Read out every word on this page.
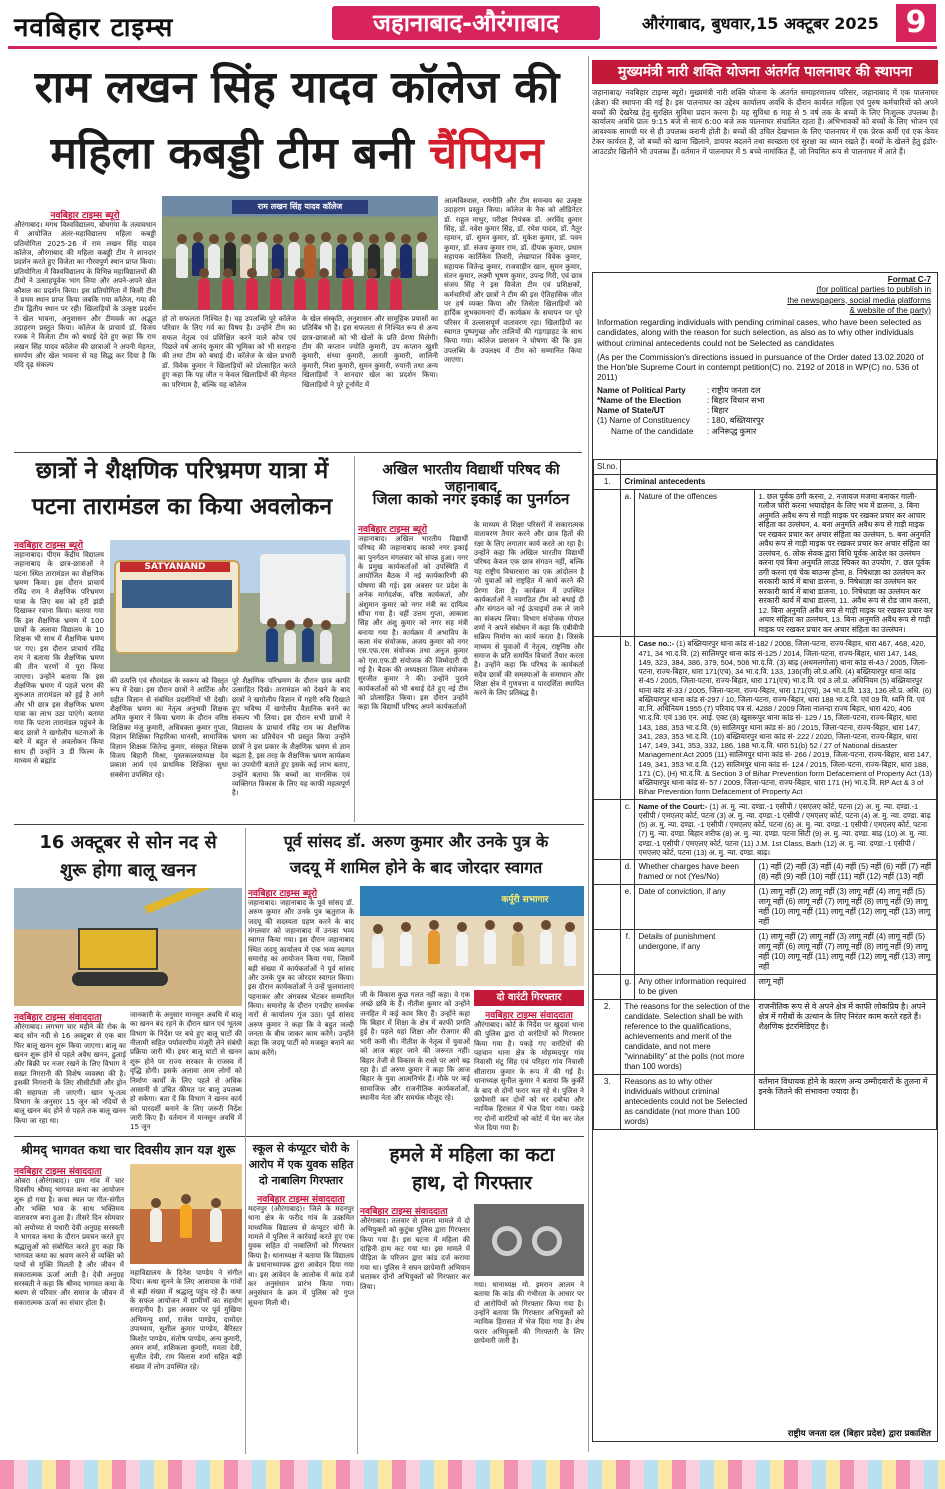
नवबिहार टाइम्स	जहानाबाद-औरंगाबाद	औरंगाबाद, बुधवार,15 अक्टूबर 2025 9
राम लखन सिंह यादव कॉलेज की
महिला कबड्डी टीम बनी चैंपियन
नवबिहार टाइम्स ब्यूरो
औरंगाबाद। मगध विश्वविद्यालय, बोधगया के तत्वावधान में आयोजित अंतर-महाविद्यालय महिला कबड्डी प्रतियोगिता 2025-26 में राम लखन सिंह यादव कॉलेज, औरंगाबाद की महिला कबड्डी टीम ने शानदार प्रदर्शन करते हुए विजेता का गौरवपूर्ण स्थान प्राप्त किया। प्रतियोगिता में विश्वविद्यालय के विभिन्न महाविद्यालयों की टीमों ने उत्साहपूर्वक भाग लिया और अपने-अपने खेल कौशल का प्रदर्शन किया। इस प्रतियोगिता में किसी टीम ने प्रथम स्थान प्राप्त किया जबकि गया कॉलेज, गया की टीम द्वितीय स्थान पर रही। खिलाड़ियों के उत्कृष्ट प्रदर्शन ने खेल भावना, अनुशासन और टीमवर्क का अद्भुत उदाहरण प्रस्तुत किया। कॉलेज के प्राचार्य डॉ. विजय रजक ने विजेता टीम को बधाई देते हुए कहा कि राम लखन सिंह यादव कॉलेज की छात्राओं ने अपनी मेहनत, समर्पण और खेल भावना से यह सिद्ध कर दिया है कि यदि दृढ़ संकल्प
राम लखन सिंह यादव कॉलेज
हो तो सफलता निश्चित है। यह उपलब्धि पूरे कॉलेज परिवार के लिए गर्व का विषय है। उन्होंने टीम का सफल नेतृत्व एवं प्रशिक्षित करने वाले कोच एवं पिछले वर्ष आनंद कुमार की भूमिका को भी सराहना की तथा टीम को बधाई दी। कॉलेज के खेल प्रभारी डॉ. विवेक कुमार ने खिलाड़ियों को प्रोत्साहित करते हुए कहा कि यह जीत न केवल खिलाड़ियों की मेहनत का परिणाम है, बल्कि यह कॉलेज
के खेल संस्कृति, अनुशासन और सामूहिक प्रयासों का प्रतिबिंब भी है। इस सफलता से निश्चित रूप से अन्य छात्र-छात्राओं को भी खेलों के प्रति प्रेरणा मिलेगी। टीम की कप्तान ज्योति कुमारी, उप कप्तान खुशी कुमारी, संध्या कुमारी, आरती कुमारी, शालिनी कुमारी, निशा कुमारी, सुमन कुमारी, रुपानी तथा अन्य खिलाड़ियों ने शानदार खेल का प्रदर्शन किया। खिलाड़ियों ने पूरे टूर्नामेंट में
आत्मविश्वास, रणनीति और टीम समन्वय का उत्कृष्ट उदाहरण प्रस्तुत किया। कॉलेज के नैक को ऑडिनेटर डॉ. राहुल माथुर, परीक्षा नियंत्रक डॉ. अरविंद कुमार सिंह, डॉ. नवेश कुमार सिंह, डॉ. रमेश यादव, डॉ. नैतूर रहमान, डॉ. सुमन कुमार, डॉ. मुकेश कुमार, डॉ. पवन कुमार, डॉ. संजय कुमार राम, डॉ. दीपक कुमार, प्रधान सहायक कार्तिकेय तिवारी, लेखापाल विवेक कुमार, सहायक जितेन्द्र कुमार, राजवाड़ीन खान, सुमन कुमार, संतन कुमार, लक्ष्मी भूषण कुमार, उपन्द्र गिरी, एवं छात्र संजय सिंह ने इस विजेता टीम एवं प्रशिक्षकों, कर्मचारियों और छात्रों ने टीम की इस ऐतिहासिक जीत पर हर्ष व्यक्त किया और जिसेता खिलाड़ियों को हार्दिक शुभकामनाएं दीं। कार्यक्रम के समापन पर पूरे परिसर में उल्लासपूर्ण वातावरण रहा। खिलाड़ियों का स्वागत पुष्पगुच्छ और तालियों की गड़गड़ाहट के साथ किया गया। कॉलेज प्रशासन ने घोषणा की कि इस उपलब्धि के उपलक्ष्य में टीम को सम्मानित किया जाएगा।
मुख्यमंत्री नारी शक्ति योजना अंतर्गत पालनाघर की स्थापना
जहानाबाद/ नवबिहार टाइम्स ब्यूरो। मुख्यमंत्री नारी शक्ति योजना के अंतर्गत समाहरणालय परिसर, जहानाबाद में एक पालनाघर (क्रेश) की स्थापना की गई है। इस पालनाघर का उद्देश्य कार्यालय अवधि के दौरान कार्यरत महिला एवं पुरुष कर्मचारियों को अपने बच्चों की देखरेख हेतु सुरक्षित सुविधा प्रदान करना है। यह सुविधा 6 माह से 5 वर्ष तक के बच्चों के लिए निःशुल्क उपलब्ध है। कार्यालय अवधि प्रातः 9:15 बजे से सायं 6:00 बजे तक पालनाघर संचालित रहता है। अभिभावकों को बच्चों के लिए भोजन एवं आवश्यक सामग्री घर से ही उपलब्ध करानी होती है। बच्चों की उचित देखभाल के लिए पालनाघर में एक प्रेरक कर्मी एवं एक केयर टेकर कार्यरत हैं, जो बच्चों को खाना खिलाने, डायपर बदलने तथा स्वच्छता एवं सुरक्षा का ध्यान रखते हैं। बच्चों के खेलने हेतु इंडोर-आउटडोर खिलौने भी उपलब्ध हैं। वर्तमान में पालनाघर में 5 बच्चे नामांकित हैं, जो नियमित रूप से पालनाघर में आते हैं।
Format C-7
(for political parties to publish in
the newspapers, social media platforms
& website of the party)
Information regarding individuals with pending criminal cases, who have been selected as candidates, along with the reason for such selection, as also as to why other individuals without criminal antecedents could not be Selected as candidates
(As per the Commission's directions issued in pursuance of the Order dated 13.02.2020 of the Hon'ble Supreme Court in contempt petition(C) no. 2192 of 2018 in WP(C) no. 536 of 2011)
Name of Political Party	: राष्ट्रीय जनता दल
*Name of the Election	: बिहार विधान सभा
Name of State/UT	: बिहार
(1) Name of Constituency	: 180, बख्तियारपुर
Name of the candidate	: अनिरूद्ध कुमार
Sl.no.			
1.	Criminal antecedents		
	a.	Nature of the offences	1. छल पूर्वक ठगी करना, 2. नजायज मजमा बनाकर गाली-गलौज चोरी करना भयादोहन के लिए भय में डालना, 3. बिना अनुमति अवैध रूप से गाड़ी माइक पर रखकर प्रचार कर आचार संहिता का उल्लंघन, 4. बना अनुमति अवैध रूप से गाड़ी माइक पर रखकर प्रचार कर अचार संहिता का उल्लंघन, 5. बना अनुमति अवैध रूप से गाड़ी माइक पर रखकर प्रचार कर अचार संहिता का उल्लंघन, 6. लोक सेवक द्वारा विधि पूर्वक आदेश का उल्लंघन करना एवं बिना अनुमति लाउड स्पिकर का उपयोग, 7. छल पूर्वक ठगी करना एवं चेक बाउन्स होना, 8. निषेधाज्ञा का उल्लंघन कर सरकारी कार्य में बाधा डालना, 9. निषेधाज्ञा का उल्लंघन कर सरकारी कार्य में बाधा डालना, 10. निषेधाज्ञा का उल्लंघन कर सरकारी कार्य में बाधा डालना, 11. अवैध रूप से रोड जाम करना, 12. बिना अनुमति अवैध रूप से गाड़ी माइक पर रखकर प्रचार कर अचार संहिता का उल्लंघन, 13. बिना अनुमति अवैध रूप से गाड़ी माइक पर रखकर प्रचार कर अचार संहिता का उल्लंघन।
	b.	Case no.:- (1) बख्तियारपुर थाना कांड सं-182 / 2008, जिला-पटना, राज्य-बिहार, धारा 467, 468, 420, 471, 34 भा.द.वि. (2) सालिमपुर थाना कांड सं-125 / 2014, जिला-पटना, राज्य-बिहार, धारा 147, 148, 149, 323, 384, 386, 379, 504, 506 भा.द.वि. (3) बाढ़ (अथमलगोला) थाना कांड सं-43 / 2005, जिला-पटना, राज्य-बिहार, धारा 171(एच), 34 भा.द.वि. 133, 136(जी) लो.प्र.अधि. (4) बख्तियारपुर थाना कांड सं-45 / 2005, जिला-पटना, राज्य-बिहार, धारा 171(एच) भा.द.वि. एवं 3 लो.प्र. अधिनियम (5) बख्तियारपुर थाना कांड सं-33 / 2005, जिला-पटना, राज्य-बिहार, धारा 171(एच), 34 भा.द.वि. 133, 136 लो.प्र. अधि. (6) बख्तियारपुर थाना कांड सं-297 / 10, जिला-पटना, राज्य-बिहार, धारा 188 भा.द.वि. एवं 09 वि. ध्वनि वि. एवं वा.नि. अधिनियम 1955 (7) परिवाद पत्र सं. 4288 / 2009 जिला नालन्दा राज्य बिहार, धारा 420, 406 भा.द.वि. एवं 136 एन. आई. एक्ट (8) खुसरूपुर थाना कांड सं- 129 / 15, जिला-पटना, राज्य-बिहार, धारा 143, 188, 353 भा.द.वि. (9) सालिमपुर थाना कांड सं- 80 / 2015, जिला-पटना, राज्य-बिहार, धारा 147, 341, 283, 353 भा.द.वि. (10) बख्तियारपुर थाना कांड सं- 222 / 2020, जिला-पटना, राज्य-बिहार, धारा 147, 149, 341, 353, 332, 186, 188 भा.द.वि. धारा 51(b) 52 / 27 of National disaster Management Act 2005 (11) सालिमपुर थाना कांड सं- 266 / 2019, जिला-पटना, राज्य-बिहार, धारा 147, 149, 341, 353 भा.द.वि. (12) सालिमपुर थाना कांड सं- 124 / 2015, जिला-पटना, राज्य-बिहार, धारा 188, 171 (C), (H) भा.द.वि. & Section 3 of Bihar Prevention form Defacement of Property Act (13) बख्तियारपुर थाना कांड सं- 57 / 2009, जिला-पटना, राज्य-बिहार, धारा 171 (H) भा.द.वि. RP Act & 3 of Bihar Prevention form Defacement of Property Act	
	c.	Name of the Court:- (1) अ. मु. न्या. दण्डा.-1 एसीपी / एसएलए कोर्ट, पटना (2) अ. मु. न्या. दण्डा.-1 एसीपी / एमएलए कोर्ट, पटना (3) अ. मु. न्या. दण्डा.-1 एसीपी / एमएलए कोर्ट, पटना (4) अ. मु. न्या. दण्डा. बाढ़ (5) अ. मु. न्या. दण्डा. -1 एसीपी / एमएलए कोर्ट, पटना (6) अ. मु. न्या. दण्डा.-1 एसीपी / एमएलए कोर्ट, पटना (7) मु. न्या. दण्डा. बिहार शरीफ (8) अ. मु. न्या. दण्डा. पटना सिटी (9) अ. मु. न्या. दण्डा. बाढ़ (10) अ. मु. न्या. दण्डा.-1 एसीपी / एमएलए कोर्ट, पटना (11) J.M. 1st Class, Barh (12) अ. मु. न्या. दण्डा.-1 एसीपी / एमएलए कोर्ट, पटना (13) अ. मु. न्या. दण्डा. बाढ़।	
	d.	Whether charges have been framed or not (Yes/No)	(1) नहीं (2) नहीं (3) नहीं (4) नहीं (5) नहीं (6) नहीं (7) नहीं (8) नहीं (9) नहीं (10) नहीं (11) नहीं (12) नहीं (13) नहीं
	e.	Date of conviction, if any	(1) लागू नहीं (2) लागू नहीं (3) लागू नहीं (4) लागू नहीं (5) लागू नहीं (6) लागू नहीं (7) लागू नहीं (8) लागू नहीं (9) लागू नहीं (10) लागू नहीं (11) लागू नहीं (12) लागू नहीं (13) लागू नहीं
	f.	Details of punishment undergone, if any	(1) लागू नहीं (2) लागू नहीं (3) लागू नहीं (4) लागू नहीं (5) लागू नहीं (6) लागू नहीं (7) लागू नहीं (8) लागू नहीं (9) लागू नहीं (10) लागू नहीं (11) लागू नहीं (12) लागू नहीं (13) लागू नहीं
	g.	Any other information required to be given	लागू नहीं
2.	The reasons for the selection of the candidate. Selection shall be with reference to the qualifications, achievements and merit of the candidate, and not mere "winnability" at the polls (not more than 100 words)		राजनीतिक रूप से वे अपने क्षेत्र में काफी लोकप्रिय है। अपने क्षेत्र में गरीबों के उत्थान के लिए निरंतर काम करते रहते हैं। शैक्षणिक इंटरमिडिएट है।
3.	Reasons as to why other individuals without criminal antecedents could not be Selected as candidate (not more than 100 words)		वर्तमान विधायक होने के कारण अन्य उम्मीदवारों के तुलना में इनके जितने की संभावना ज्यादा है।
राष्ट्रीय जनता दल (बिहार प्रदेश) द्वारा प्रकाशित
छात्रों ने शैक्षणिक परिभ्रमण यात्रा में
पटना तारामंडल का किया अवलोकन
नवबिहार टाइम्स ब्यूरो
जहानाबाद। पीएम केंद्रीय विद्यालय जहानाबाद के छात्र-छात्राओं ने पटना स्थित तारामंडल का शैक्षणिक भ्रमण किया। इस दौरान प्राचार्य रविंद्र राम ने शैक्षणिक परिभ्रमण यात्रा के लिए बस को हरी झंडी दिखाकर रवाना किया। बताया गया कि इस शैक्षणिक भ्रमण में 100 छात्रों के अलावा विद्यालय के 10 शिक्षक भी साथ में शैक्षणिक भ्रमण पर गए। इस दौरान प्राचार्य रविंद्र राम ने बताया कि शैक्षणिक भ्रमण की तीन चरणों में पूरा किया जाएगा। उन्होंने बताया कि इस शैक्षणिक भ्रमण में पहले चरण की शुरुआत तारामंडल को हुई है आगे और भी छात्र इस शैक्षणिक भ्रमण यात्रा का लाभ उठा पाएंगे। बताया गया कि पटना तारामंडल पहुंचने के बाद छात्रों ने खगोलीय घटनाओं के बारे में बहुत से अवलोकन किया साथ ही उन्होंने 3 डी फिल्म के माध्यम से ब्रह्मांड
SATYANAND
की उत्पत्ति एवं सौरमंडल के स्वरूप को विस्तृत रूप में देखा। इस दौरान छात्रों ने आर्टिक और ग्रहीत विज्ञान से संबंधित प्रदर्शनियों भी देखी। शैक्षणिक भ्रमण का नेतृत्व अनुभवी शिक्षक अमित कुमार ने किया भ्रमण के दौरान वरिष्ठ शिक्षिका मंजु कुमारी, अधिवक्ता कुमार गुप्ता, विज्ञान शिक्षिका निहारिका मानसी, सामाजिक विज्ञान शिक्षक जितेन्द्र कुमार, संस्कृत शिक्षक विजय बिहारी मिश्रा, पुस्तकालयाध्यक्ष देव प्रकाश आर्य एवं प्राथमिक शिक्षिका सुधा सक्सेना उपस्थित रहे।
पूरे शैक्षणिक परिभ्रमण के दौरान छात्र काफी उत्साहित दिखे। तारामंडल को देखने के बाद छात्रों ने खगोलीय विज्ञान में गहरी रुचि दिखाते हुए भविष्य में खगोलीय वैज्ञानिक बनने का संकल्प भी लिया। इस दौरान सभी छात्रों ने विद्यालय के प्राचार्य रविंद्र राम का शैक्षणिक भ्रमण का प्रतिवेदन भी प्रस्तुत किया उन्होंने छात्रों ने इस प्रकार के शैक्षणिक भ्रमण से ज्ञान बढ़ता है, इस तरह के शैक्षणिक भ्रमण कार्यक्रम का उपयोगी बताते हुए इसके कई लाभ बताए, उन्होंने बताया कि बच्चों का मानसिक एवं व्यक्तिगत विकास के लिए यह काफी महत्वपूर्ण है।
अखिल भारतीय विद्यार्थी परिषद की जहानाबाद
जिला काको नगर इकाई का पुनर्गठन
नवबिहार टाइम्स ब्यूरो
जहानाबाद। अखिल भारतीय विद्यार्थी परिषद की जहानाबाद काको नगर इकाई का पुनर्गठन मंगलवार को संपन्न हुआ। नगर के प्रमुख कार्यकर्ताओं को उपस्थिति में आयोजित बैठक में नई कार्यकारिणी की घोषणा की गई। इस अवसर पर प्रदेश के अनेक मार्गदर्शक, वरिष्ठ कार्यकर्ता, और अंशुमान कुमार को नगर मंत्री का दायित्व सौंपा गया है। वहीं उत्तम गुप्ता, आकाश सिंह और अंशु कुमार को नगर सह मंत्री बनाया गया है। कार्यक्रम में अभाविप के कला मंच संयोजक, अजय कुमार को नगर एस.एफ.एस संयोजक तथा अनुज कुमार को एस.एफ.डी संयोजक की जिम्मेदारी दी गई है। बैठक की अध्यक्षता जिला संयोजक सुरजीत कुमार ने की। उन्होंने पुराने कार्यकर्ताओं को भी बधाई देते हुए नई टीम को प्रोत्साहित किया। इस दौरान उन्होंने कहा कि विद्यार्थी परिषद अपने कार्यकर्ताओं
के माध्यम से शिक्षा परिसरों में सकारात्मक वातावरण तैयार करने और छात्र हितों की रक्षा के लिए लगातार कार्य करते आ रहा है। उन्होंने कहा कि अखिल भारतीय विद्यार्थी परिषद केवल एक छात्र संगठन नहीं, बल्कि यह राष्ट्रीय विचारधारा का एक आंदोलन है जो युवाओं को राष्ट्रहित में कार्य करने की प्रेरणा देता है। कार्यक्रम में उपस्थित कार्यकर्ताओं ने नवगठित टीम को बधाई दी और संगठन को नई ऊंचाइयों तक ले जाने का संकल्प लिया। विभाग संयोजक गोपाल शर्मा ने अपने संबोधन में कहा कि एबीवीपी सक्रिय निर्माण का कार्य करता है। जिसके माध्यम से युवाओं में नेतृत्व, राष्ट्रनिष्ठ और समाज के प्रति समर्पित विचारों तैयार करता है। उन्होंने कहा कि परिषद के कार्यकर्ता सदैव छात्रों की समस्याओं के समाधान और शिक्षा क्षेत्र में गुणवत्ता व पारदर्शिता स्थापित करने के लिए प्रतिबद्ध है।
16 अक्टूबर से सोन नद से
शुरू होगा बालू खनन
नवबिहार टाइम्स संवाददाता
औरंगाबाद। लगभग चार महीने की रोक के बाद सोन नदी से 16 अक्टूबर से एक बार फिर बालू खनन शुरू किया जाएगा। बालू का खनन शुरू होने से पहले अवैध खनन, ढुलाई और बिक्री पर नजर रखने के लिए विभाग ने सख्त निगरानी की विशेष व्यवस्था की है। इसकी निगरानी के लिए सीसीटीवी और ड्रोन की सहायता ली जाएगी। खान भू-तत्व विभाग के अनुसार 15 जून को नदियों से बालू खनन बंद होने से पहले तक बालू खनन किया जा रहा था।
जानकारी के अनुसार मानसून अवधि में बालू का खनन बंद रहने के दौरान खान एवं भूतत्व विभाग के निर्देश पर बचे हुए बालू घाटों की नीलामी सहित पर्यावरणीय मंजूरी लेने संबंधी प्रक्रिया जारी थी। इधर बालू घाटों से खनन शुरू होने पर राज्य सरकार के राजस्व में वृद्धि होगी। इसके अलावा आम लोगों को निर्माण कार्यों के लिए पहले से अधिक आसानी से उचित कीमत पर बालू उपलब्ध हो सकेगा। बता दें कि विभाग ने खनन कार्य को पारदर्शी बनाने के लिए जरूरी निर्देश जारी किए हैं। वर्तमान में मानसून अवधि में 15 जून
पूर्व सांसद डॉ. अरुण कुमार और उनके पुत्र के
जदयू में शामिल होने के बाद जोरदार स्वागत
नवबिहार टाइम्स ब्यूरो
जहानाबाद। जहानाबाद के पूर्व सांसद डॉ. अरुण कुमार और उनके पुत्र ऋतुराज के जदयू की सदस्यता ग्रहण करने के बाद मंगलवार को जहानाबाद में उनका भव्य स्वागत किया गया। इस दौरान जहानाबाद स्थित जदयू कार्यालय में एक भव्य स्वागत समारोह का आयोजन किया गया, जिसमें बड़ी संख्या में कार्यकर्ताओं ने पूर्व सांसद और उनके पुत्र का जोरदार स्वागत किया। इस दौरान कार्यकर्ताओं ने उन्हें फूलमालाएं पहनाकर और अंगवस्त्र भेंटकर सम्मानित किया। समारोह के दौरान एनडीए समर्थक नारों से कार्यालय गूंज उठा। पूर्व सांसद अरुण कुमार ने कहा कि वे बहुत जल्दी जनता के बीच जाकर काम करेंगे। उन्होंने कहा कि जदयू पार्टी को मजबूत बनाने का काम करेंगे।
कर्पूरी सभागार
जी के विकास कुछ गलत नहीं कहा। वे एक अच्छे छवि के हैं। नीतीश कुमार को उन्होंने जनहित में कई काम किए हैं। उन्होंने कहा कि बिहार में शिक्षा के क्षेत्र में काफी प्रगति हुई है। पहले यहां शिक्षा और रोजगार की भारी कमी थी। नीतीश के नेतृत्व में युवाओं को आज बाहर जाने की जरूरत नहीं। बिहार तेजी से विकास के रास्ते पर आगे बढ़ रहा है। डॉ अरुण कुमार ने कहा कि आज बिहार के युवा आत्मनिर्भर हैं। मौके पर कई सामाजिक और राजनीतिक कार्यकर्ताओं, स्थानीय नेता और समर्थक मौजूद रहे।
दो वारंटी गिरफ्तार
नवबिहार टाइम्स संवाददाता
औरंगाबाद। कोर्ट के निर्देश पर खुदवां थाना की पुलिस द्वारा दो वारंटियों को गिरफ्तार किया गया है। पकड़े गए वारंटियों की पहचान थाना क्षेत्र के मोहम्मदपुर गांव निवासी मंटू सिंह एवं परिहरा गांव निवासी सीताराम कुमार के रूप में की गई है। थानाध्यक्ष सुनील कुमार ने बताया कि कुर्की के बाद से दोनों फरार चल रहे थे। पुलिस ने छापेमारी कर दोनों को धर दबोचा और न्यायिक हिरासत में भेज दिया गया। पकड़े गए दोनों वारंटियों को कोर्ट में पेश कर जेल भेज दिया गया है।
श्रीमद् भागवत कथा चार दिवसीय ज्ञान यज्ञ शुरू
नवबिहार टाइम्स संवाददाता
ओबरा (औरंगाबाद)। ग्राम गांव में चार दिवसीय श्रीमद् भागवत कथा का आयोजन शुरू हो गया है। कथा स्थल पर गीत-संगीत और भक्ति भाव के साथ भक्तिमय वातावरण बना हुआ है। तीसरे दिन सोमवार को अयोध्या से पधारी देवी अनुग्रह सरस्वती ने भागवत कथा के दौरान प्रवचन करते हुए श्रद्धालुओं को संबोधित करते हुए कहा कि भागवत कथा का श्रवण करने से व्यक्ति को पापों से मुक्ति मिलती है और जीवन में सकारात्मक ऊर्जा आती है। देवी अनुग्रह सरस्वती ने कहा कि श्रीमद भागवत कथा के श्रवण से परिवार और समाज के जीवन में सकारात्मक ऊर्जा का संचार होता है।
महाविद्यालय के दिनेश पाण्डेय ने संगीत दिया। कथा सुनने के लिए आसपास के गांवों से बड़ी संख्या में श्रद्धालु पहुंच रहे हैं। कथा के सफल आयोजन में ग्रामीणों का सहयोग सराहनीय है। इस अवसर पर पूर्व मुखिया अभिमन्यु शर्मा, राजेश पाण्डेय, दामोदर उपाध्याय, सुशील कुमार पाण्डेय, बैरिस्टर किशोर पाण्डेय, संतोष पाण्डेय, अन्य कुमारी, अमन शर्मा, शशिकला कुमारी, ममता देवी, सुजीत देवी, राम विलास शर्मा सहित बड़ी संख्या में लोग उपस्थित रहे।
स्कूल से कंप्यूटर चोरी के
आरोप में एक युवक सहित
दो नाबालिग गिरफ्तार
नवबिहार टाइम्स संवाददाता
मदनपुर (औरंगाबाद)। जिले के मदनपुर थाना क्षेत्र के फरीद गांव के उत्क्रमित माध्यमिक विद्यालय से कंप्यूटर चोरी के मामले में पुलिस ने कार्रवाई करते हुए एक युवक सहित दो नाबालिगों को गिरफ्तार किया है। थानाध्यक्ष ने बताया कि विद्यालय के प्रधानाध्यापक द्वारा आवेदन दिया गया था। इस आवेदन के आलोक में कांड दर्ज कर अनुसंधान प्रारंभ किया गया। अनुसंधान के क्रम में पुलिस को गुप्त सूचना मिली थी।
हमले में महिला का कटा
हाथ, दो गिरफ्तार
नवबिहार टाइम्स संवाददाता
औरंगाबाद। तलवार से हमला मामले में दो अभियुक्तों को कुटुंबा पुलिस द्वारा गिरफ्तार किया गया है। इस घटना में महिला की दाहिनी हाथ कट गया था। इस मामले में पीड़िता के परिजन द्वारा कांड दर्ज कराया गया था। पुलिस ने सघन छापेमारी अभियान चलाकर दोनों अभियुक्तों को गिरफ्तार कर लिया।	गया। थानाध्यक्ष मो. इमरान आलम ने बताया कि कांड की गंभीरता के आधार पर दो आरोपियों को गिरफ्तार किया गया है। उन्होंने बताया कि गिरफ्तार अभियुक्तों को न्यायिक हिरासत में भेज दिया गया है। शेष फरार अभियुक्तों की गिरफ्तारी के लिए छापेमारी जारी है।
